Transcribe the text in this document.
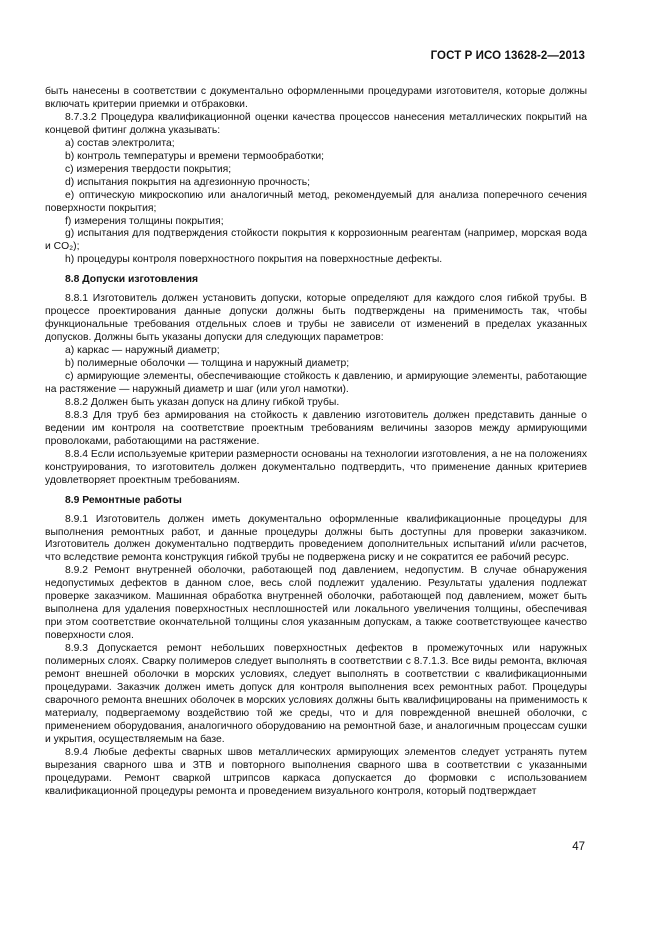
ГОСТ Р ИСО 13628-2—2013

быть нанесены в соответствии с документально оформленными процедурами изготовителя, которые должны включать критерии приемки и отбраковки.

8.7.3.2 Процедура квалификационной оценки качества процессов нанесения металлических покрытий на концевой фитинг должна указывать:

a) состав электролита;

b) контроль температуры и времени термообработки;

c) измерения твердости покрытия;

d) испытания покрытия на адгезионную прочность;

e) оптическую микроскопию или аналогичный метод, рекомендуемый для анализа поперечного сечения поверхности покрытия;

f) измерения толщины покрытия;

g) испытания для подтверждения стойкости покрытия к коррозионным реагентам (например, морская вода и CO₂);

h) процедуры контроля поверхностного покрытия на поверхностные дефекты.

8.8 Допуски изготовления

8.8.1 Изготовитель должен установить допуски, которые определяют для каждого слоя гибкой трубы. В процессе проектирования данные допуски должны быть подтверждены на применимость так, чтобы функциональные требования отдельных слоев и трубы не зависели от изменений в пределах указанных допусков. Должны быть указаны допуски для следующих параметров:

a) каркас — наружный диаметр;

b) полимерные оболочки — толщина и наружный диаметр;

c) армирующие элементы, обеспечивающие стойкость к давлению, и армирующие элементы, работающие на растяжение — наружный диаметр и шаг (или угол намотки).

8.8.2 Должен быть указан допуск на длину гибкой трубы.

8.8.3 Для труб без армирования на стойкость к давлению изготовитель должен представить данные о ведении им контроля на соответствие проектным требованиям величины зазоров между армирующими проволоками, работающими на растяжение.

8.8.4 Если используемые критерии размерности основаны на технологии изготовления, а не на положениях конструирования, то изготовитель должен документально подтвердить, что применение данных критериев удовлетворяет проектным требованиям.

8.9 Ремонтные работы

8.9.1 Изготовитель должен иметь документально оформленные квалификационные процедуры для выполнения ремонтных работ, и данные процедуры должны быть доступны для проверки заказчиком. Изготовитель должен документально подтвердить проведением дополнительных испытаний и/или расчетов, что вследствие ремонта конструкция гибкой трубы не подвержена риску и не сократится ее рабочий ресурс.

8.9.2 Ремонт внутренней оболочки, работающей под давлением, недопустим. В случае обнаружения недопустимых дефектов в данном слое, весь слой подлежит удалению. Результаты удаления подлежат проверке заказчиком. Машинная обработка внутренней оболочки, работающей под давлением, может быть выполнена для удаления поверхностных несплошностей или локального увеличения толщины, обеспечивая при этом соответствие окончательной толщины слоя указанным допускам, а также соответствующее качество поверхности слоя.

8.9.3 Допускается ремонт небольших поверхностных дефектов в промежуточных или наружных полимерных слоях. Сварку полимеров следует выполнять в соответствии с 8.7.1.3. Все виды ремонта, включая ремонт внешней оболочки в морских условиях, следует выполнять в соответствии с квалификационными процедурами. Заказчик должен иметь допуск для контроля выполнения всех ремонтных работ. Процедуры сварочного ремонта внешних оболочек в морских условиях должны быть квалифицированы на применимость к материалу, подвергаемому воздействию той же среды, что и для поврежденной внешней оболочки, с применением оборудования, аналогичного оборудованию на ремонтной базе, и аналогичным процессам сушки и укрытия, осуществляемым на базе.

8.9.4 Любые дефекты сварных швов металлических армирующих элементов следует устранять путем вырезания сварного шва и ЗТВ и повторного выполнения сварного шва в соответствии с указанными процедурами. Ремонт сваркой штрипсов каркаса допускается до формовки с использованием квалификационной процедуры ремонта и проведением визуального контроля, который подтверждает

47
